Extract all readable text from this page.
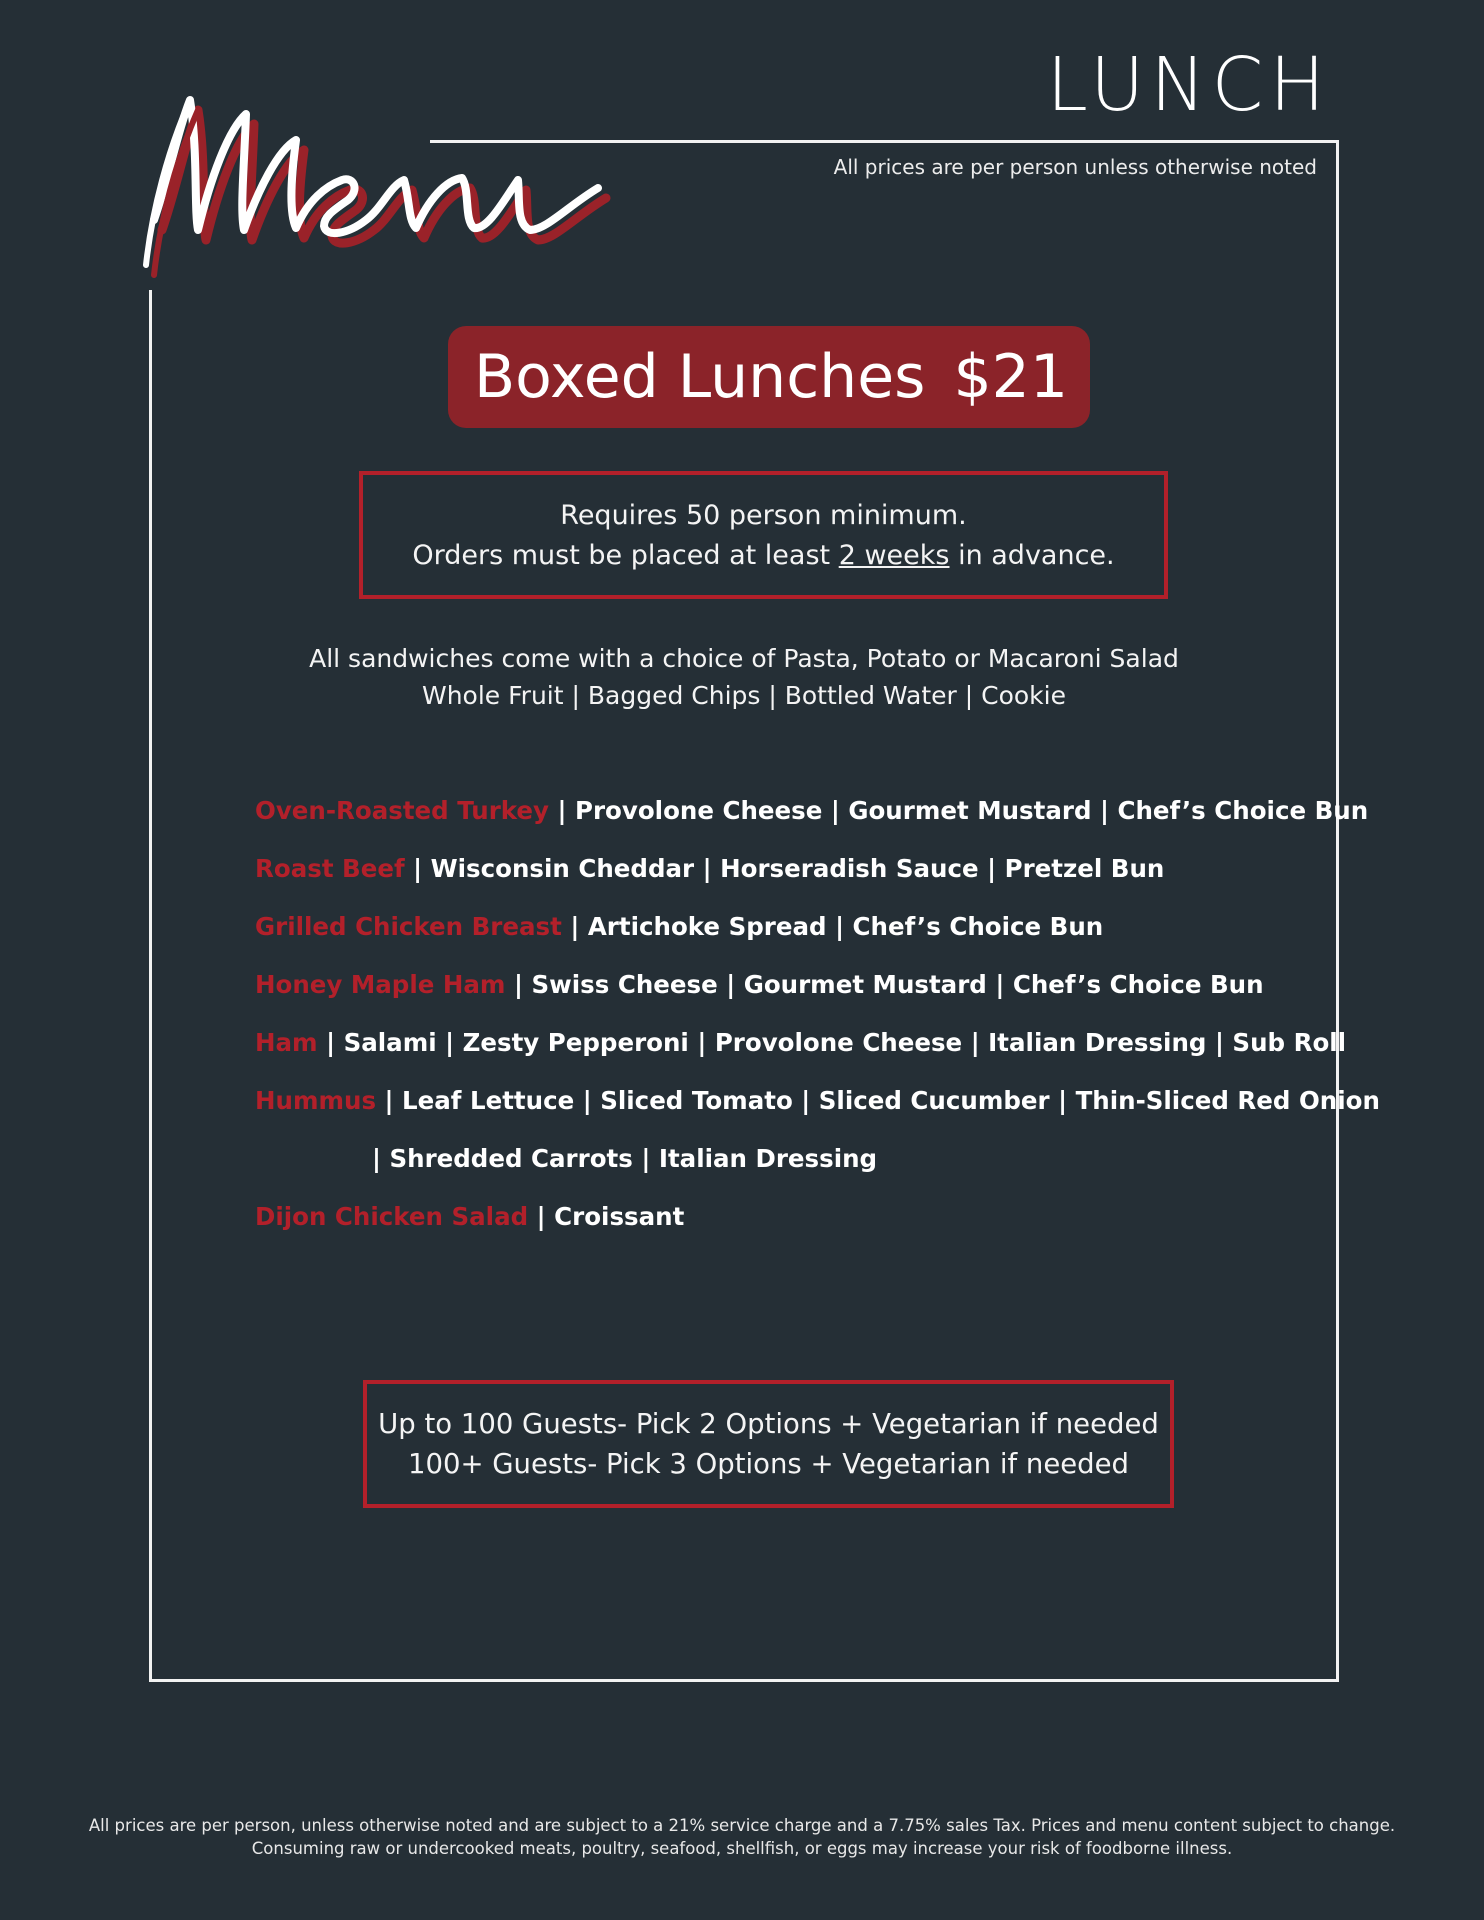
LUNCH
All prices are per person unless otherwise noted
Boxed Lunches $21
Requires 50 person minimum.
Orders must be placed at least 2 weeks in advance.
All sandwiches come with a choice of Pasta, Potato or Macaroni Salad
Whole Fruit | Bagged Chips | Bottled Water | Cookie
Oven-Roasted Turkey | Provolone Cheese | Gourmet Mustard | Chef’s Choice Bun
Roast Beef | Wisconsin Cheddar | Horseradish Sauce | Pretzel Bun
Grilled Chicken Breast | Artichoke Spread | Chef’s Choice Bun
Honey Maple Ham | Swiss Cheese | Gourmet Mustard | Chef’s Choice Bun
Ham | Salami | Zesty Pepperoni | Provolone Cheese | Italian Dressing | Sub Roll
Hummus | Leaf Lettuce | Sliced Tomato | Sliced Cucumber | Thin-Sliced Red Onion
| Shredded Carrots | Italian Dressing
Dijon Chicken Salad | Croissant
Up to 100 Guests- Pick 2 Options + Vegetarian if needed
100+ Guests- Pick 3 Options + Vegetarian if needed
All prices are per person, unless otherwise noted and are subject to a 21% service charge and a 7.75% sales Tax. Prices and menu content subject to change.
Consuming raw or undercooked meats, poultry, seafood, shellfish, or eggs may increase your risk of foodborne illness.
